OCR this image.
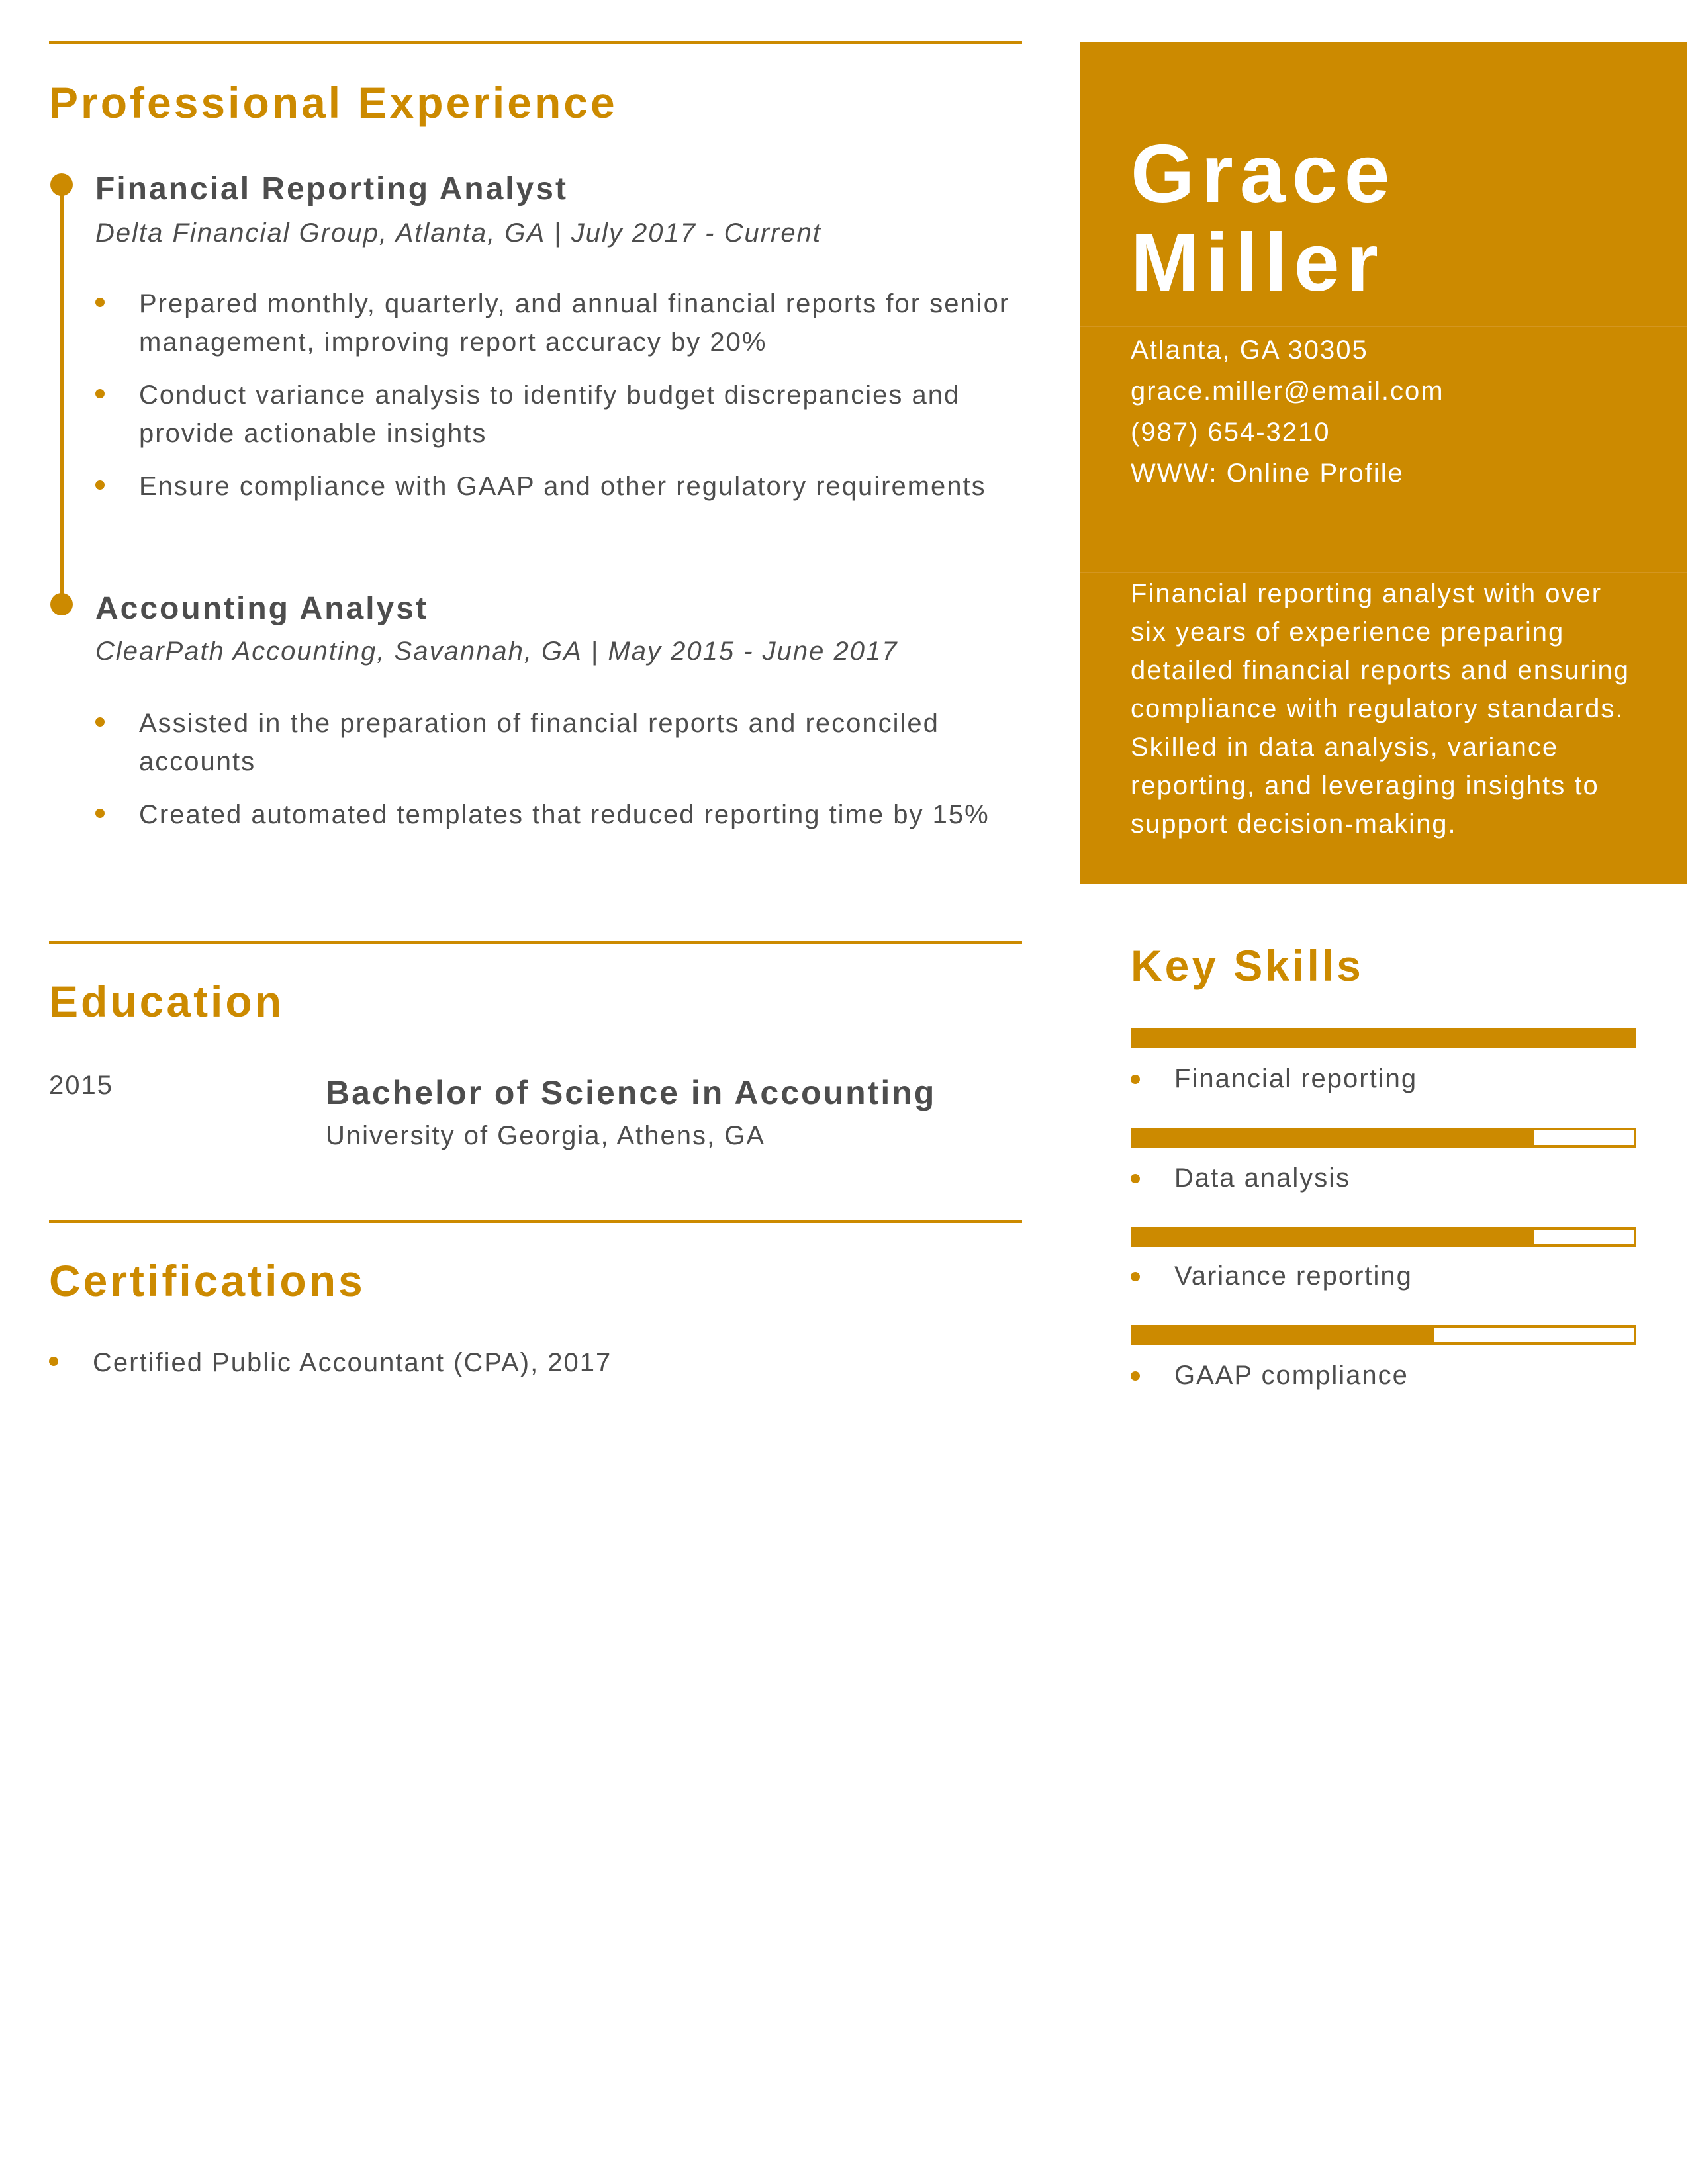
Professional Experience
Financial Reporting Analyst
Delta Financial Group, Atlanta, GA | July 2017 - Current
Prepared monthly, quarterly, and annual financial reports for senior management, improving report accuracy by 20%
Conduct variance analysis to identify budget discrepancies and provide actionable insights
Ensure compliance with GAAP and other regulatory requirements
Accounting Analyst
ClearPath Accounting, Savannah, GA | May 2015 - June 2017
Assisted in the preparation of financial reports and reconciled accounts
Created automated templates that reduced reporting time by 15%
Education
2015	Bachelor of Science in Accounting
University of Georgia, Athens, GA
Certifications
Certified Public Accountant (CPA), 2017
Grace
Miller
Atlanta, GA 30305
grace.miller@email.com
(987) 654-3210
WWW: Online Profile
Financial reporting analyst with over six years of experience preparing detailed financial reports and ensuring compliance with regulatory standards. Skilled in data analysis, variance reporting, and leveraging insights to support decision-making.
Key Skills
Financial reporting
Data analysis
Variance reporting
GAAP compliance
